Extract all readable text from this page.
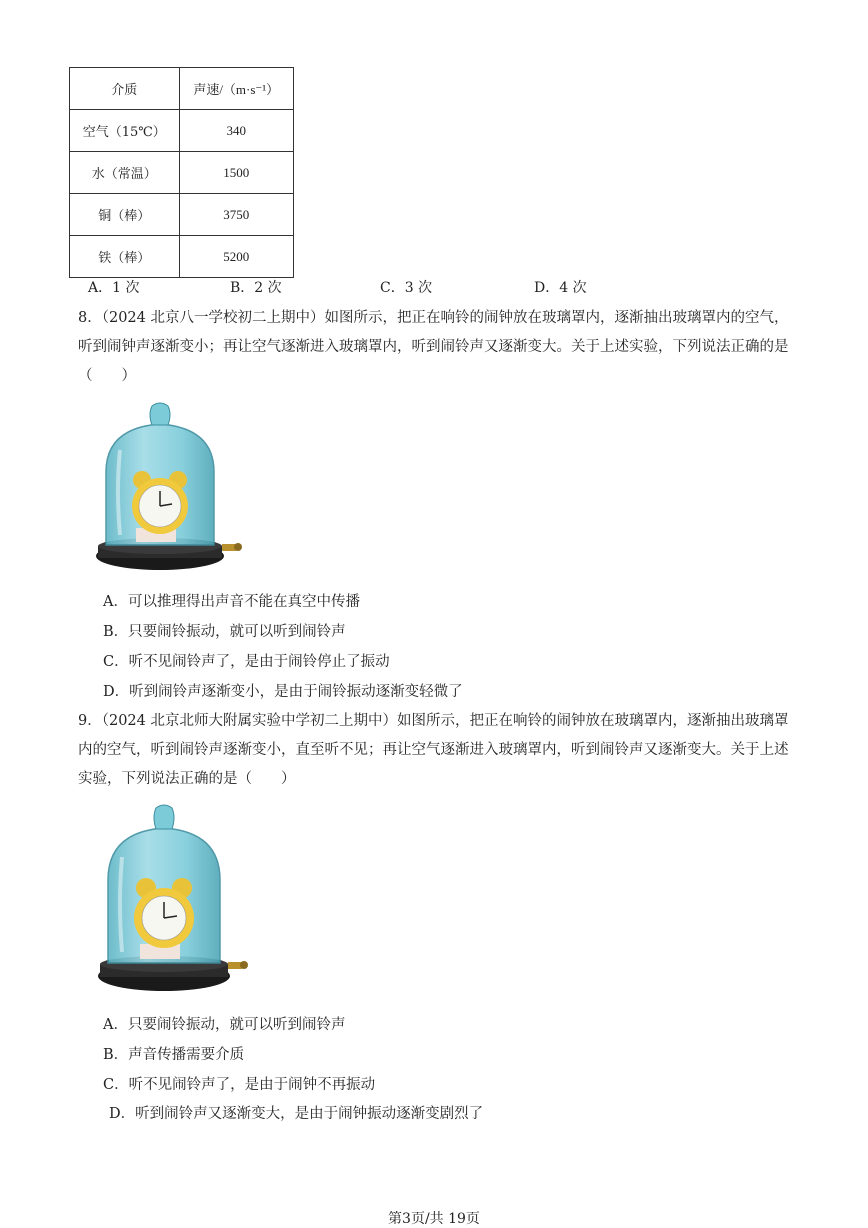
介质	声速/（m·s⁻¹）
空气（15℃）	340
水（常温）	1500
铜（棒）	3750
铁（棒）	5200
A．1 次	B．2 次	C．3 次	D．4 次
8．（2024 北京八一学校初二上期中）如图所示，把正在响铃的闹钟放在玻璃罩内，逐渐抽出玻璃罩内的空气，听到闹钟声逐渐变小；再让空气逐渐进入玻璃罩内，听到闹铃声又逐渐变大。关于上述实验，下列说法正确的是（　　）
A．可以推理得出声音不能在真空中传播
B．只要闹铃振动，就可以听到闹铃声
C．听不见闹铃声了，是由于闹铃停止了振动
D．听到闹铃声逐渐变小，是由于闹铃振动逐渐变轻微了
9．（2024 北京北师大附属实验中学初二上期中）如图所示，把正在响铃的闹钟放在玻璃罩内，逐渐抽出玻璃罩内的空气，听到闹铃声逐渐变小，直至听不见；再让空气逐渐进入玻璃罩内，听到闹铃声又逐渐变大。关于上述实验，下列说法正确的是（　　）
A．只要闹铃振动，就可以听到闹铃声
B．声音传播需要介质
C．听不见闹铃声了，是由于闹钟不再振动
D．听到闹铃声又逐渐变大，是由于闹钟振动逐渐变剧烈了
第3页/共 19页
